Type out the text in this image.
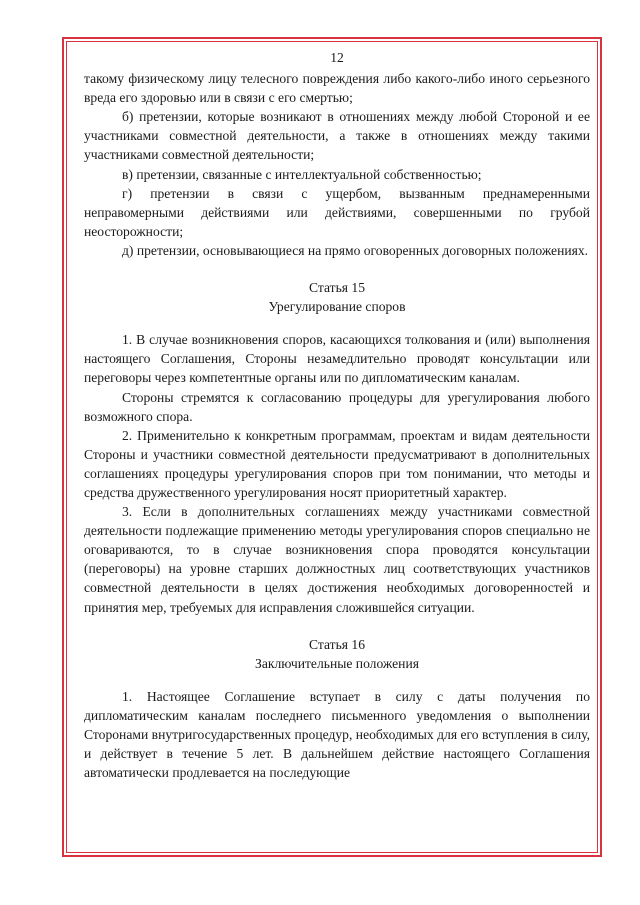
12

такому физическому лицу телесного повреждения либо какого-либо иного серьезного вреда его здоровью или в связи с его смертью;

б) претензии, которые возникают в отношениях между любой Стороной и ее участниками совместной деятельности, а также в отношениях между такими участниками совместной деятельности;

в) претензии, связанные с интеллектуальной собственностью;

г) претензии в связи с ущербом, вызванным преднамеренными неправомерными действиями или действиями, совершенными по грубой неосторожности;

д) претензии, основывающиеся на прямо оговоренных договорных положениях.

Статья 15
Урегулирование споров

1. В случае возникновения споров, касающихся толкования и (или) выполнения настоящего Соглашения, Стороны незамедлительно проводят консультации или переговоры через компетентные органы или по дипломатическим каналам.

Стороны стремятся к согласованию процедуры для урегулирования любого возможного спора.

2. Применительно к конкретным программам, проектам и видам деятельности Стороны и участники совместной деятельности предусматривают в дополнительных соглашениях процедуры урегулирования споров при том понимании, что методы и средства дружественного урегулирования носят приоритетный характер.

3. Если в дополнительных соглашениях между участниками совместной деятельности подлежащие применению методы урегулирования споров специально не оговариваются, то в случае возникновения спора проводятся консультации (переговоры) на уровне старших должностных лиц соответствующих участников совместной деятельности в целях достижения необходимых договоренностей и принятия мер, требуемых для исправления сложившейся ситуации.

Статья 16
Заключительные положения

1. Настоящее Соглашение вступает в силу с даты получения по дипломатическим каналам последнего письменного уведомления о выполнении Сторонами внутригосударственных процедур, необходимых для его вступления в силу, и действует в течение 5 лет. В дальнейшем действие настоящего Соглашения автоматически продлевается на последующие
